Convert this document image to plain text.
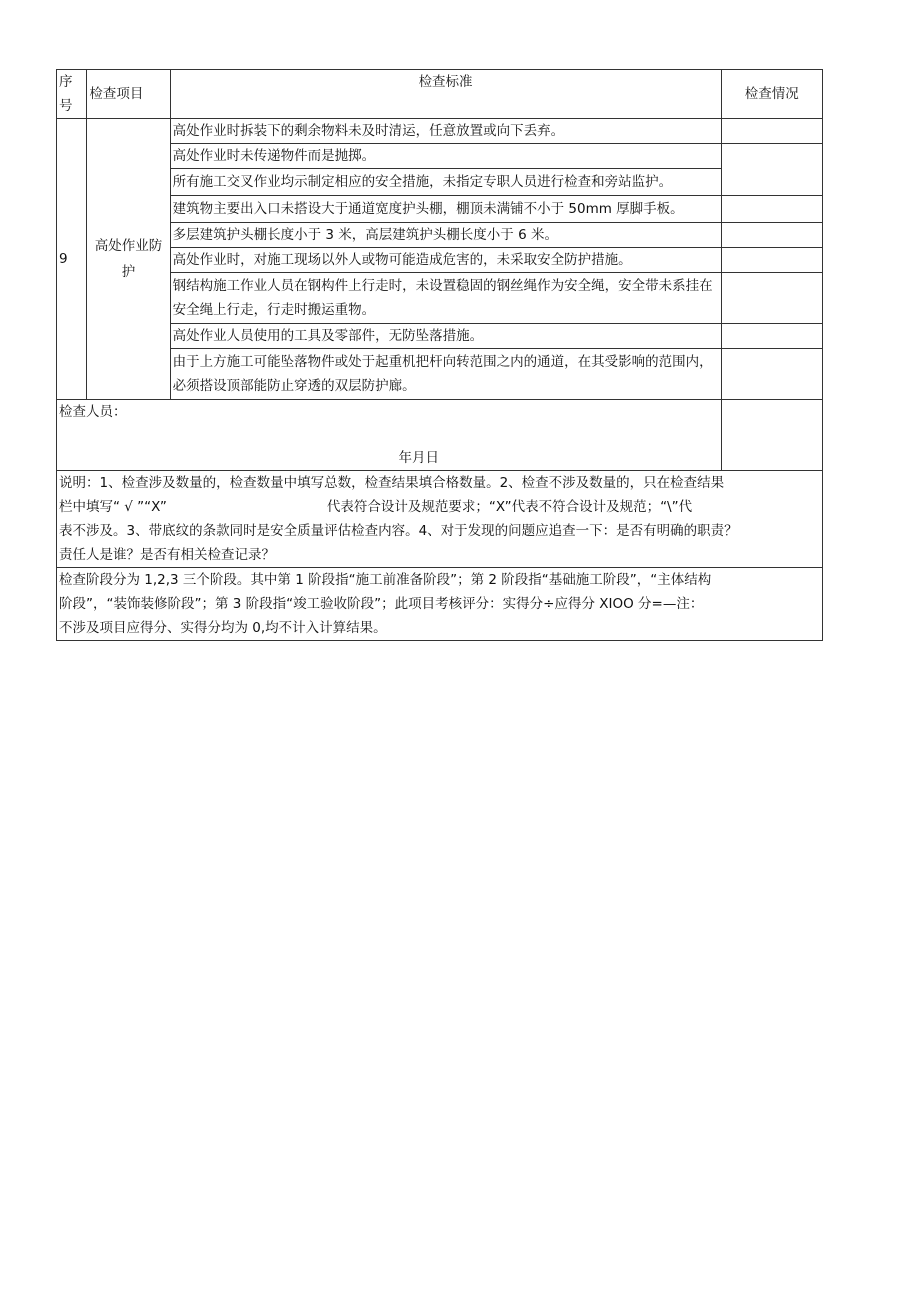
序号	检查项目	检查标准	检查情况
9	高处作业防护	高处作业时拆装下的剩余物料未及时清运，任意放置或向下丢弃。	
		高处作业时未传递物件而是抛掷。	
		所有施工交叉作业均示制定相应的安全措施，未指定专职人员进行检查和旁站监护。	
		建筑物主要出入口未搭设大于通道宽度护头棚，棚顶未满铺不小于 50mm 厚脚手板。	
		多层建筑护头棚长度小于 3 米，高层建筑护头棚长度小于 6 米。	
		高处作业时，对施工现场以外人或物可能造成危害的，未采取安全防护措施。	
		钢结构施工作业人员在钢构件上行走时，未设置稳固的钢丝绳作为安全绳，安全带未系挂在安全绳上行走，行走时搬运重物。	
		高处作业人员使用的工具及零部件，无防坠落措施。	
		由于上方施工可能坠落物件或处于起重机把杆向转范围之内的通道，在其受影响的范围内，必须搭设顶部能防止穿透的双层防护廊。	
检查人员：
年月日			

说明：1、检查涉及数量的，检查数量中填写总数，检查结果填合格数量。2、检查不涉及数量的，只在检查结果
栏中填写“ √ ”“X” 代表符合设计及规范要求；“X”代表不符合设计及规范；“\”代
表不涉及。3、带底纹的条款同时是安全质量评估检查内容。4、对于发现的问题应追查一下：是否有明确的职责？
责任人是谁？是否有相关检查记录？			

检查阶段分为 1,2,3 三个阶段。其中第 1 阶段指“施工前准备阶段”；第 2 阶段指“基础施工阶段”，“主体结构
阶段”，“装饰装修阶段”；第 3 阶段指“竣工验收阶段”；此项目考核评分：实得分÷应得分 XIOO 分=—注：
不涉及项目应得分、实得分均为 0,均不计入计算结果。			
